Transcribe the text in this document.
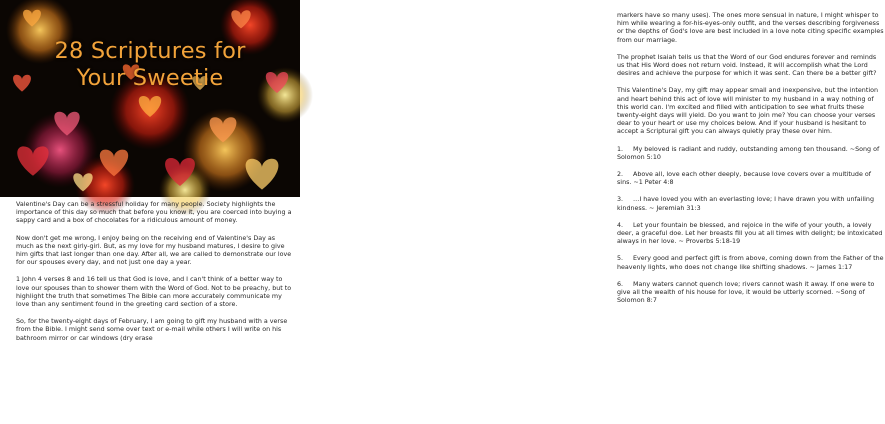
28 Scriptures for
Your Sweetie

Valentine's Day can be a stressful holiday for many people. Society highlights the importance of this day so much that before you know it, you are coerced into buying a sappy card and a box of chocolates for a ridiculous amount of money.

Now don't get me wrong, I enjoy being on the receiving end of Valentine's Day as much as the next girly-girl. But, as my love for my husband matures, I desire to give him gifts that last longer than one day. After all, we are called to demonstrate our love for our spouses every day, and not just one day a year.

1 John 4 verses 8 and 16 tell us that God is love, and I can't think of a better way to love our spouses than to shower them with the Word of God. Not to be preachy, but to highlight the truth that sometimes The Bible can more accurately communicate my love than any sentiment found in the greeting card section of a store.

So, for the twenty-eight days of February, I am going to gift my husband with a verse from the Bible. I might send some over text or e-mail while others I will write on his bathroom mirror or car windows (dry erase

markers have so many uses). The ones more sensual in nature, I might whisper to him while wearing a for-his-eyes-only outfit, and the verses describing forgiveness or the depths of God's love are best included in a love note citing specific examples from our marriage.

The prophet Isaiah tells us that the Word of our God endures forever and reminds us that His Word does not return void. Instead, it will accomplish what the Lord desires and achieve the purpose for which it was sent. Can there be a better gift?

This Valentine's Day, my gift may appear small and inexpensive, but the intention and heart behind this act of love will minister to my husband in a way nothing of this world can. I'm excited and filled with anticipation to see what fruits these twenty-eight days will yield. Do you want to join me? You can choose your verses dear to your heart or use my choices below. And if your husband is hesitant to accept a Scriptural gift you can always quietly pray these over him.

1. My beloved is radiant and ruddy, outstanding among ten thousand. ~Song of Solomon 5:10
2. Above all, love each other deeply, because love covers over a multitude of sins. ~1 Peter 4:8
3. …I have loved you with an everlasting love; I have drawn you with unfailing kindness. ~ Jeremiah 31:3
4. Let your fountain be blessed, and rejoice in the wife of your youth, a lovely deer, a graceful doe. Let her breasts fill you at all times with delight; be intoxicated always in her love. ~ Proverbs 5:18-19
5. Every good and perfect gift is from above, coming down from the Father of the heavenly lights, who does not change like shifting shadows. ~ James 1:17
6. Many waters cannot quench love; rivers cannot wash it away. If one were to give all the wealth of his house for love, it would be utterly scorned. ~Song of Solomon 8:7
